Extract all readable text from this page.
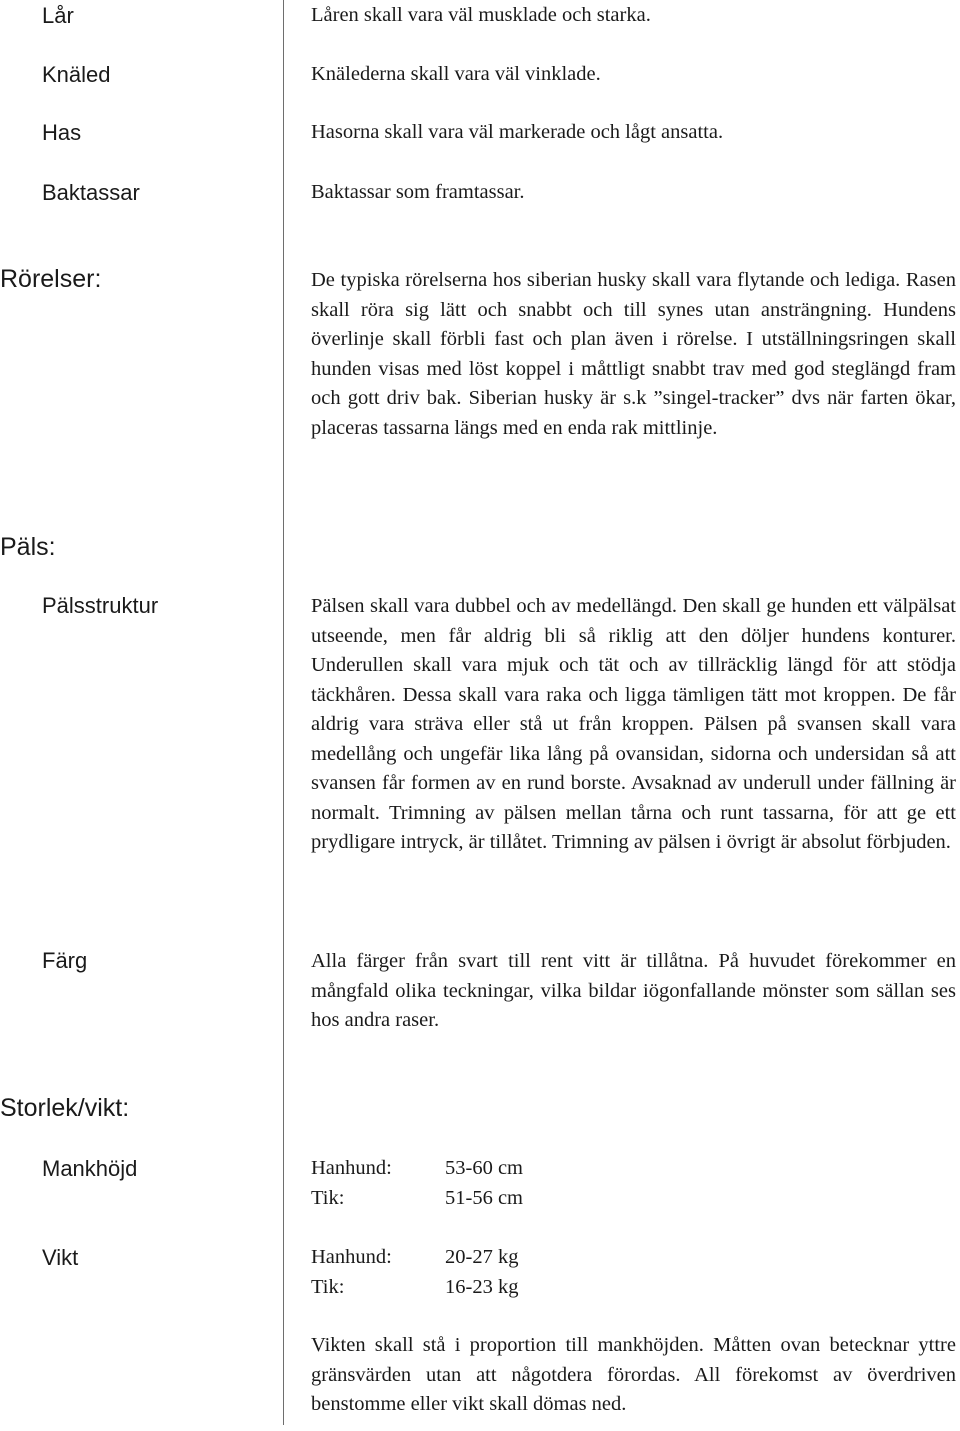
Lår	Låren skall vara väl musklade och starka.

Knäled	Knälederna skall vara väl vinklade.

Has	Hasorna skall vara väl markerade och lågt ansatta.

Baktassar	Baktassar som framtassar.

Rörelser:	De typiska rörelserna hos siberian husky skall vara flytande och lediga. Rasen skall röra sig lätt och snabbt och till synes utan ansträngning. Hundens överlinje skall förbli fast och plan även i rörelse. I utställningsringen skall hunden visas med löst koppel i måttligt snabbt trav med god steglängd fram och gott driv bak. Siberian husky är s.k ”singel-tracker” dvs när farten ökar, placeras tassarna längs med en enda rak mittlinje.

Päls:
Pälsstruktur	Pälsen skall vara dubbel och av medellängd. Den skall ge hunden ett välpälsat utseende, men får aldrig bli så riklig att den döljer hundens konturer. Underullen skall vara mjuk och tät och av tillräcklig längd för att stödja täckhåren. Dessa skall vara raka och ligga tämligen tätt mot kroppen. De får aldrig vara sträva eller stå ut från kroppen. Pälsen på svansen skall vara medellång och ungefär lika lång på ovansidan, sidorna och undersidan så att svansen får formen av en rund borste. Avsaknad av underull under fällning är normalt. Trimning av pälsen mellan tårna och runt tassarna, för att ge ett prydligare intryck, är tillåtet. Trimning av pälsen i övrigt är absolut förbjuden.

Färg	Alla färger från svart till rent vitt är tillåtna. På huvudet förekommer en mångfald olika teckningar, vilka bildar iögonfallande mönster som sällan ses hos andra raser.

Storlek/vikt:
Mankhöjd	Hanhund:	53-60 cm
Tik:	51-56 cm
Vikt	Hanhund:	20-27 kg
Tik:	16-23 kg

Vikten skall stå i proportion till mankhöjden. Måtten ovan betecknar yttre gränsvärden utan att någotdera förordas. All förekomst av överdriven benstomme eller vikt skall dömas ned.
